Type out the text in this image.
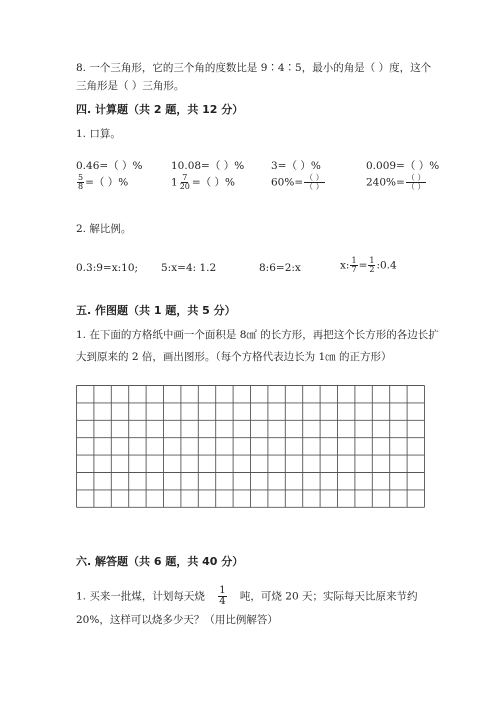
8. 一个三角形，它的三个角的度数比是 9∶4∶5，最小的角是（ ）度，这个
三角形是（ ）三角形。
四. 计算题（共 2 题，共 12 分）
1. 口算。
0.46=（ ）%	10.08=（ ）%	3=（ ）%	0.009=（ ）%
$\frac{5}{8}$ =（ ）%	$1 \frac{7}{20}$ =（ ）%	$60\%= \frac{( )}{( )}$	$240\%= \frac{( )}{( )}$
2. 解比例。
0.3:9=x:10; 5:x=4: 1.2	8:6=2:x	x: $\frac{1}{7} = \frac{1}{2}$ :0.4
五. 作图题（共 1 题，共 5 分）
1. 在下面的方格纸中画一个面积是 8㎠ 的长方形，再把这个长方形的各边长扩
大到原来的 2 倍，画出图形。（每个方格代表边长为 1㎝ 的正方形）
六. 解答题（共 6 题，共 40 分）
1. 买来一批煤，计划每天烧 $\frac{1}{4}$ 吨，可烧 20 天；实际每天比原来节约
20%，这样可以烧多少天？（用比例解答）
